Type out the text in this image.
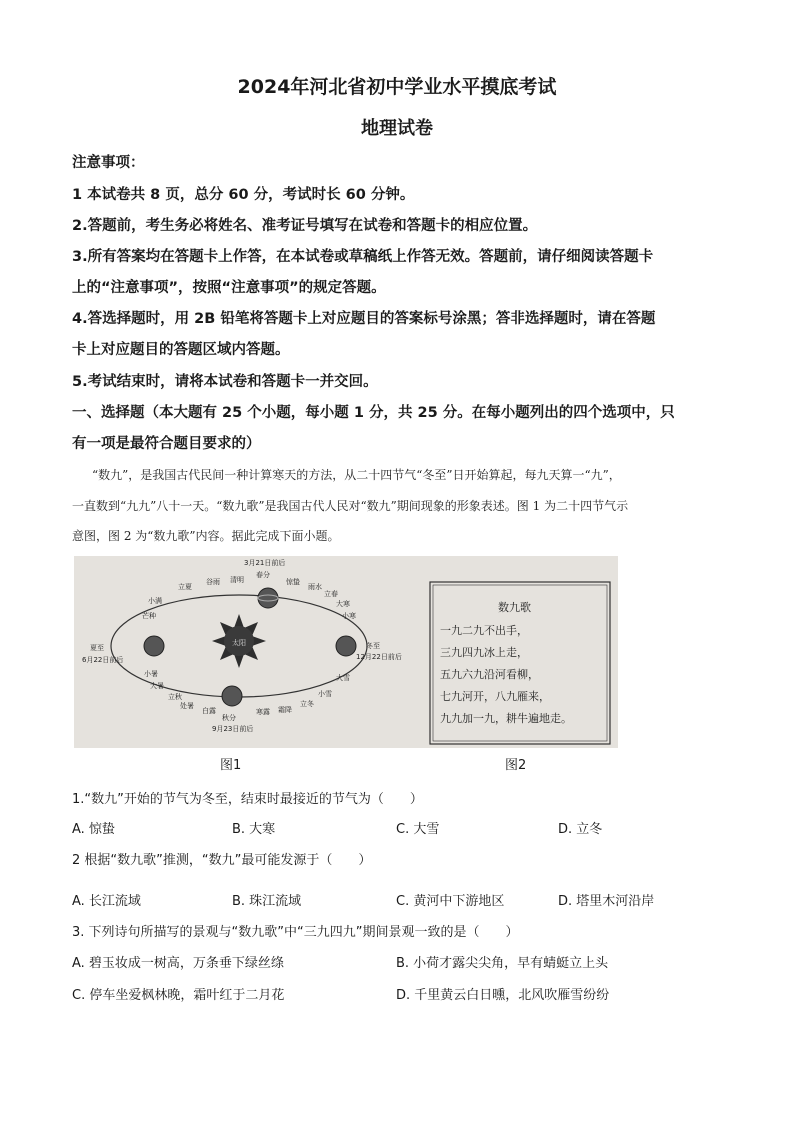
2024年河北省初中学业水平摸底考试
地理试卷
注意事项：
1 本试卷共 8 页，总分 60 分，考试时长 60 分钟。
2.答题前，考生务必将姓名、准考证号填写在试卷和答题卡的相应位置。
3.所有答案均在答题卡上作答，在本试卷或草稿纸上作答无效。答题前，请仔细阅读答题卡
上的“注意事项”，按照“注意事项”的规定答题。
4.答选择题时，用 2B 铅笔将答题卡上对应题目的答案标号涂黑；答非选择题时，请在答题
卡上对应题目的答题区域内答题。
5.考试结束时，请将本试卷和答题卡一并交回。
一、选择题（本大题有 25 个小题，每小题 1 分，共 25 分。在每小题列出的四个选项中，只
有一项是最符合题目要求的）
“数九”，是我国古代民间一种计算寒天的方法，从二十四节气“冬至”日开始算起，每九天算一“九”，
一直数到“九九”八十一天。“数九歌”是我国古代人民对“数九”期间现象的形象表述。图 1 为二十四节气示
意图，图 2 为“数九歌”内容。据此完成下面小题。
太阳
3月21日前后
春分
夏至
6月22日前后
秋分
9月23日前后
冬至
12月22日前后
惊蛰
雨水
立春
大寒
小寒
大雪
小雪
立冬
霜降
寒露
白露
处暑
立秋
大暑
小暑
芒种
小满
立夏
谷雨 清明
数九歌
一九二九不出手，
三九四九冰上走，
五九六九沿河看柳，
七九河开，八九雁来，
九九加一九，耕牛遍地走。
图1	图2
1.“数九”开始的节气为冬至，结束时最接近的节气为（　　）
A. 惊蛰	B. 大寒	C. 大雪	D. 立冬
2 根据“数九歌”推测，“数九”最可能发源于（　　）
A. 长江流域	B. 珠江流域	C. 黄河中下游地区	D. 塔里木河沿岸
3. 下列诗句所描写的景观与“数九歌”中“三九四九”期间景观一致的是（　　）
A. 碧玉妆成一树高，万条垂下绿丝绦	B. 小荷才露尖尖角，早有蜻蜓立上头
C. 停车坐爱枫林晚，霜叶红于二月花	D. 千里黄云白日曛，北风吹雁雪纷纷
